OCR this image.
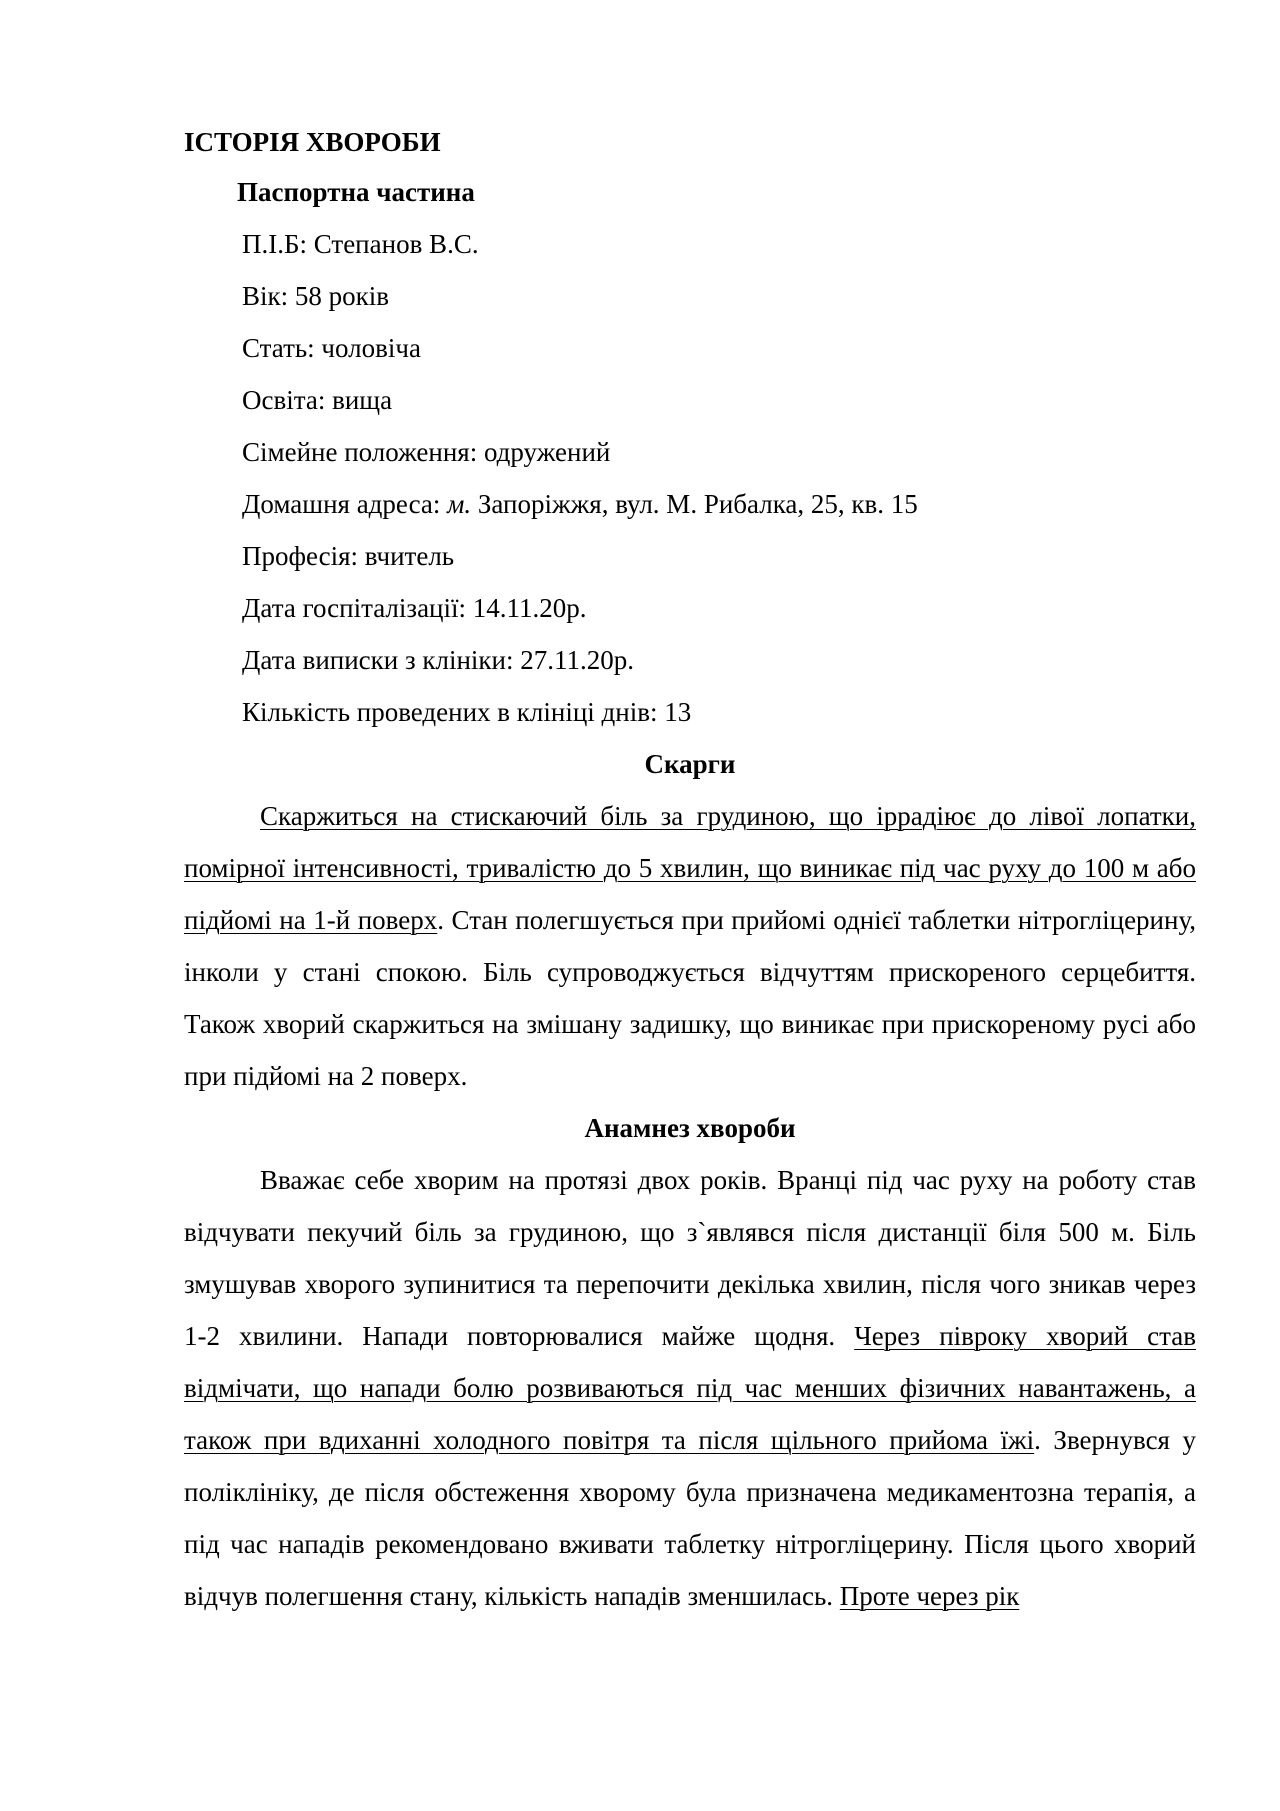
ІСТОРІЯ ХВОРОБИ
Паспортна частина
П.І.Б: Степанов В.С.
Вік: 58 років
Стать: чоловіча
Освіта: вища
Сімейне положення: одружений
Домашня адреса: м. Запоріжжя, вул. М. Рибалка, 25, кв. 15
Професія: вчитель
Дата госпіталізації: 14.11.20р.
Дата виписки з клініки: 27.11.20р.
Кількість проведених в клініці днів: 13
Скарги

Скаржиться на стискаючий біль за грудиною, що іррадіює до лівої лопатки, помірної інтенсивності, тривалістю до 5 хвилин, що виникає під час руху до 100 м або підйомі на 1-й поверх. Стан полегшується при прийомі однієї таблетки нітрогліцерину, інколи у стані спокою. Біль супроводжується відчуттям прискореного серцебиття. Також хворий скаржиться на змішану задишку, що виникає при прискореному русі або при підйомі на 2 поверх.

Анамнез хвороби

Вважає себе хворим на протязі двох років. Вранці під час руху на роботу став відчувати пекучий біль за грудиною, що з`являвся після дистанції біля 500 м. Біль змушував хворого зупинитися та перепочити декілька хвилин, після чого зникав через 1-2 хвилини. Напади повторювалися майже щодня. Через півроку хворий став відмічати, що напади болю розвиваються під час менших фізичних навантажень, а також при вдиханні холодного повітря та після щільного прийома їжі. Звернувся у поліклініку, де після обстеження хворому була призначена медикаментозна терапія, а під час нападів рекомендовано вживати таблетку нітрогліцерину. Після цього хворий відчув полегшення стану, кількість нападів зменшилась. Проте через рік
